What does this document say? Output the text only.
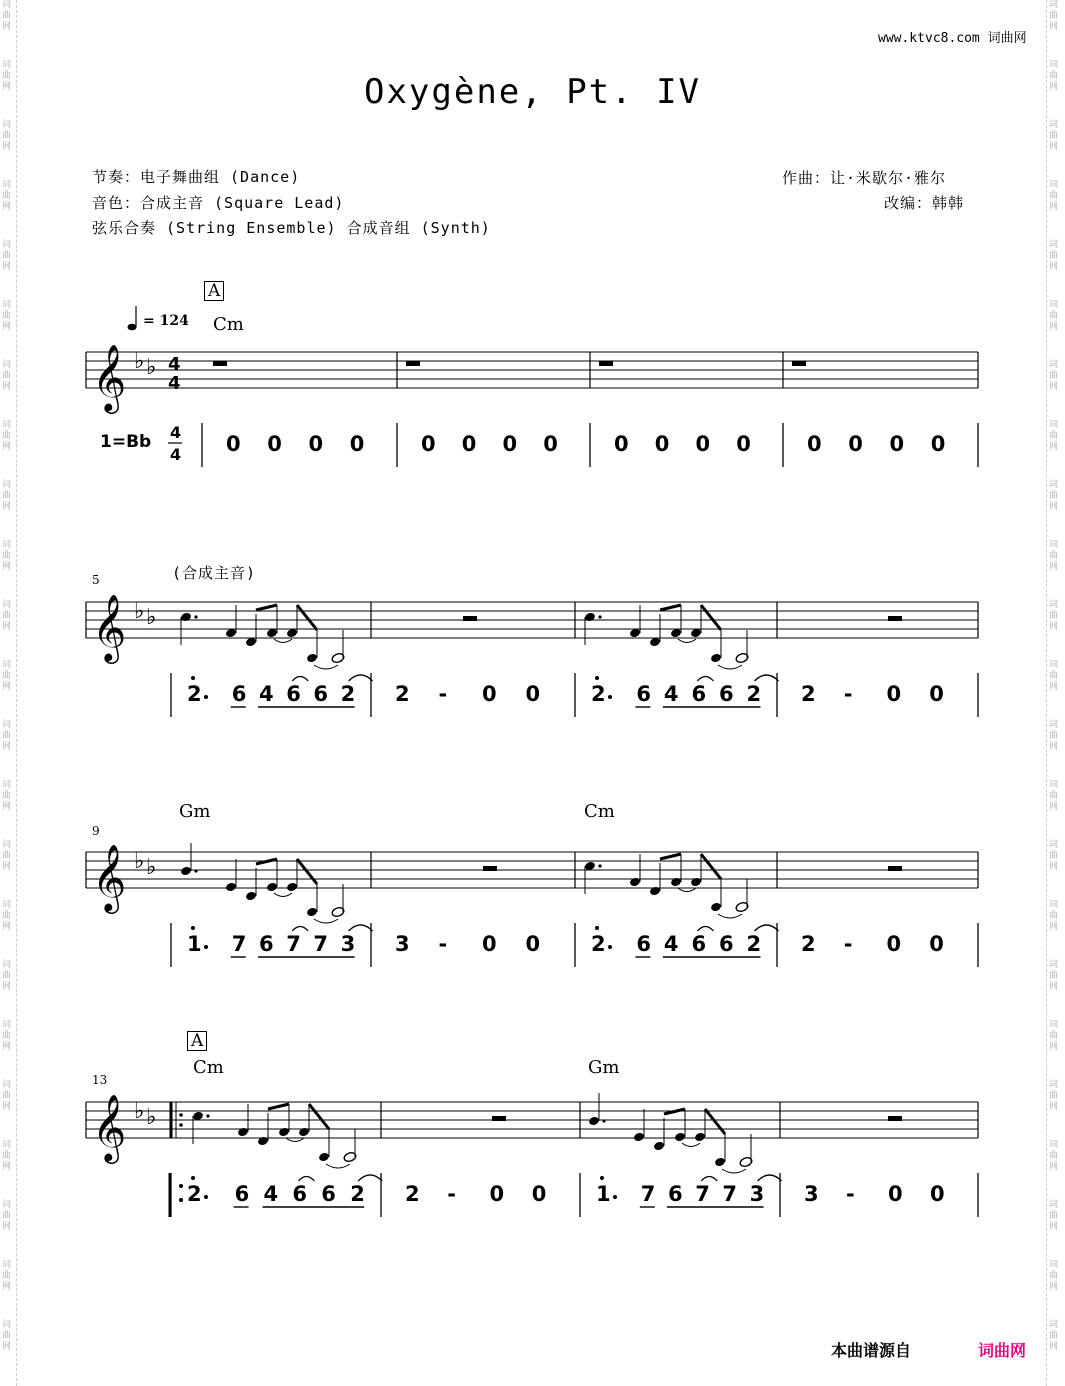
词
曲
网
词
曲
网
词
曲
网
词
曲
网
词
曲
网
词
曲
网
词
曲
网
词
曲
网
词
曲
网
词
曲
网
词
曲
网
词
曲
网
词
曲
网
词
曲
网
词
曲
网
词
曲
网
词
曲
网
词
曲
网
词
曲
网
词
曲
网
词
曲
网
词
曲
网
词
曲
网
词
曲
网
词
曲
网
词
曲
网
词
曲
网
词
曲
网
词
曲
网
词
曲
网
词
曲
网
词
曲
网
词
曲
网
词
曲
网
词
曲
网
词
曲
网
词
曲
网
词
曲
网
词
曲
网
词
曲
网
词
曲
网
词
曲
网
词
曲
网
词
曲
网
词
曲
网
词
曲
网
www.ktvc8.com 词曲网
Oxygène, Pt. IV
节奏：电子舞曲组 (Dance)
音色：合成主音 (Square Lead)
弦乐合奏 (String Ensemble) 合成音组 (Synth)
作曲：让·米歇尔·雅尔
改编：韩韩
A
= 124 Cm
1=Bb
5	(合成主音)
9
Gm	Cm
A
13
Cm	Gm
𝄞 ♭ ♭
𝄞 ♭ ♭
𝄞 ♭ ♭
𝄞 ♭ ♭
4
4
0 0 0 0	0 0 0 0	0 0 0 0	0 0 0 0
2 6 4 6 6 2 2 - 0 0 2 6 4 6 6 2 2 - 0 0
1 7 6 7 7 3 3 - 0 0 2 6 4 6 6 2 2 - 0 0
2 6 4 6 6 2 2 - 0 0 1 7 6 7 7 3 3 - 0 0
4
4
本曲谱源自	词曲网
